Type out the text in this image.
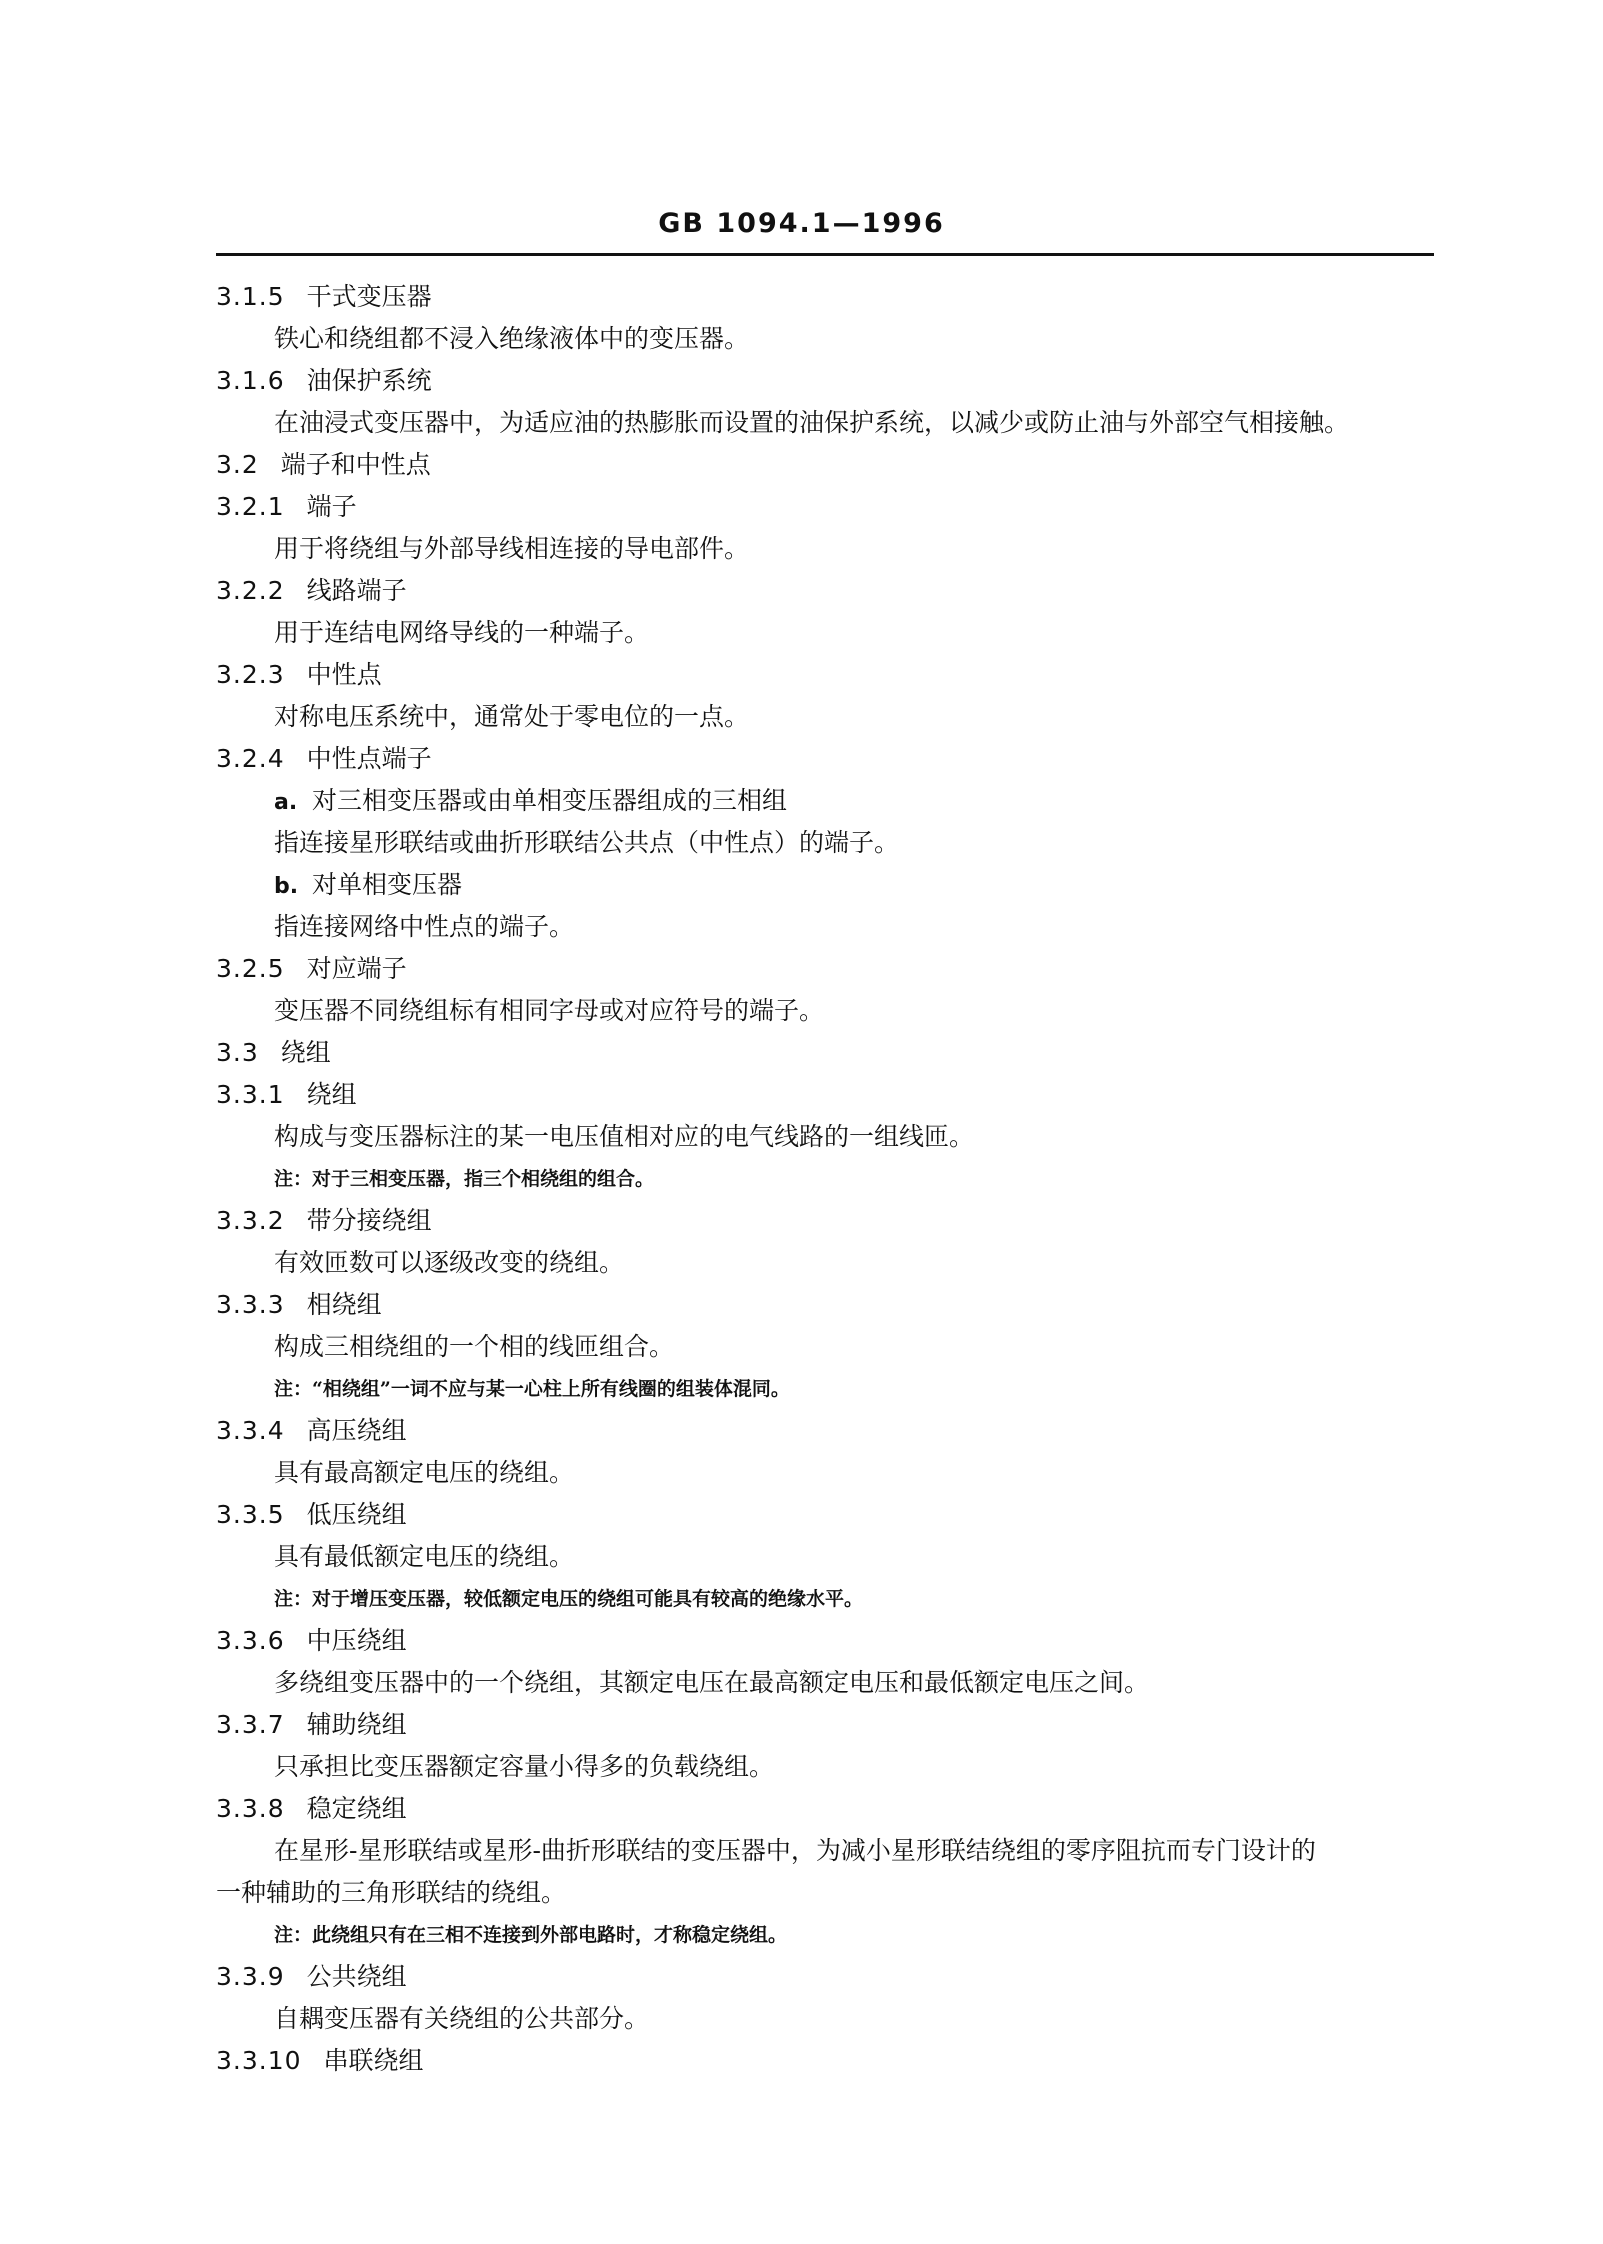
GB 1094.1—1996
3.1.5 干式变压器
铁心和绕组都不浸入绝缘液体中的变压器。
3.1.6 油保护系统
在油浸式变压器中，为适应油的热膨胀而设置的油保护系统，以减少或防止油与外部空气相接触。
3.2 端子和中性点
3.2.1 端子
用于将绕组与外部导线相连接的导电部件。
3.2.2 线路端子
用于连结电网络导线的一种端子。
3.2.3 中性点
对称电压系统中，通常处于零电位的一点。
3.2.4 中性点端子
a. 对三相变压器或由单相变压器组成的三相组
指连接星形联结或曲折形联结公共点（中性点）的端子。
b. 对单相变压器
指连接网络中性点的端子。
3.2.5 对应端子
变压器不同绕组标有相同字母或对应符号的端子。
3.3 绕组
3.3.1 绕组
构成与变压器标注的某一电压值相对应的电气线路的一组线匝。
注：对于三相变压器，指三个相绕组的组合。
3.3.2 带分接绕组
有效匝数可以逐级改变的绕组。
3.3.3 相绕组
构成三相绕组的一个相的线匝组合。
注：“相绕组”一词不应与某一心柱上所有线圈的组装体混同。
3.3.4 高压绕组
具有最高额定电压的绕组。
3.3.5 低压绕组
具有最低额定电压的绕组。
注：对于增压变压器，较低额定电压的绕组可能具有较高的绝缘水平。
3.3.6 中压绕组
多绕组变压器中的一个绕组，其额定电压在最高额定电压和最低额定电压之间。
3.3.7 辅助绕组
只承担比变压器额定容量小得多的负载绕组。
3.3.8 稳定绕组
在星形-星形联结或星形-曲折形联结的变压器中，为减小星形联结绕组的零序阻抗而专门设计的
一种辅助的三角形联结的绕组。
注：此绕组只有在三相不连接到外部电路时，才称稳定绕组。
3.3.9 公共绕组
自耦变压器有关绕组的公共部分。
3.3.10 串联绕组
